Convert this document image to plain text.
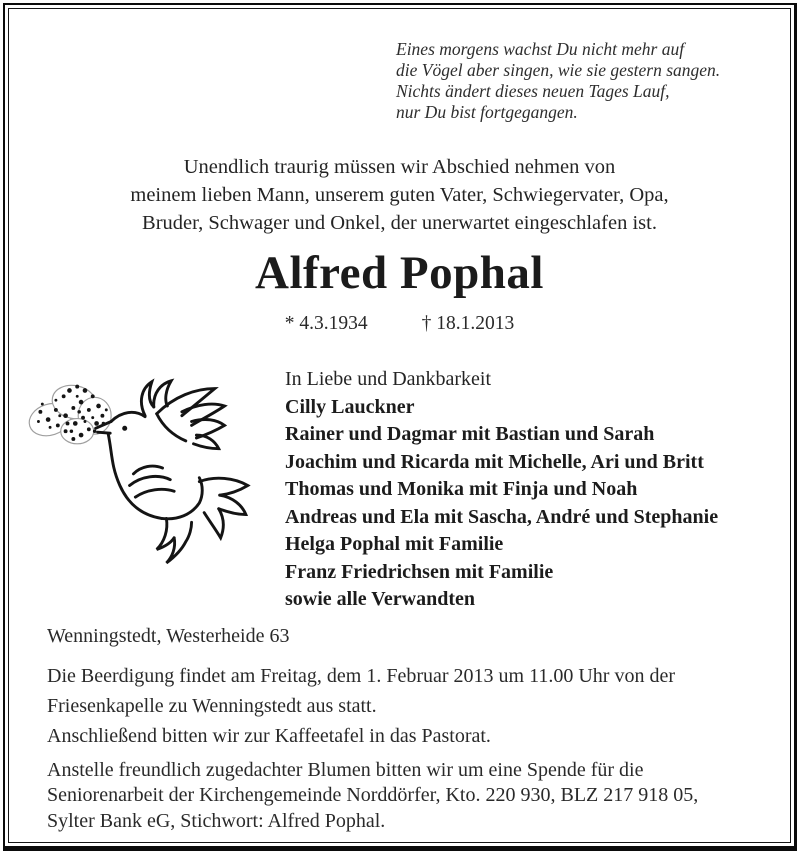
Eines morgens wachst Du nicht mehr auf
die Vögel aber singen, wie sie gestern sangen.
Nichts ändert dieses neuen Tages Lauf,
nur Du bist fortgegangen.
Unendlich traurig müssen wir Abschied nehmen von
meinem lieben Mann, unserem guten Vater, Schwiegervater, Opa,
Bruder, Schwager und Onkel, der unerwartet eingeschlafen ist.
Alfred Pophal
* 4.3.1934	† 18.1.2013
In Liebe und Dankbarkeit
Cilly Lauckner
Rainer und Dagmar mit Bastian und Sarah
Joachim und Ricarda mit Michelle, Ari und Britt
Thomas und Monika mit Finja und Noah
Andreas und Ela mit Sascha, André und Stephanie
Helga Pophal mit Familie
Franz Friedrichsen mit Familie
sowie alle Verwandten
Wenningstedt, Westerheide 63
Die Beerdigung findet am Freitag, dem 1. Februar 2013 um 11.00 Uhr von der
Friesenkapelle zu Wenningstedt aus statt.
Anschließend bitten wir zur Kaffeetafel in das Pastorat.
Anstelle freundlich zugedachter Blumen bitten wir um eine Spende für die
Seniorenarbeit der Kirchengemeinde Norddörfer, Kto. 220 930, BLZ 217 918 05,
Sylter Bank eG, Stichwort: Alfred Pophal.
